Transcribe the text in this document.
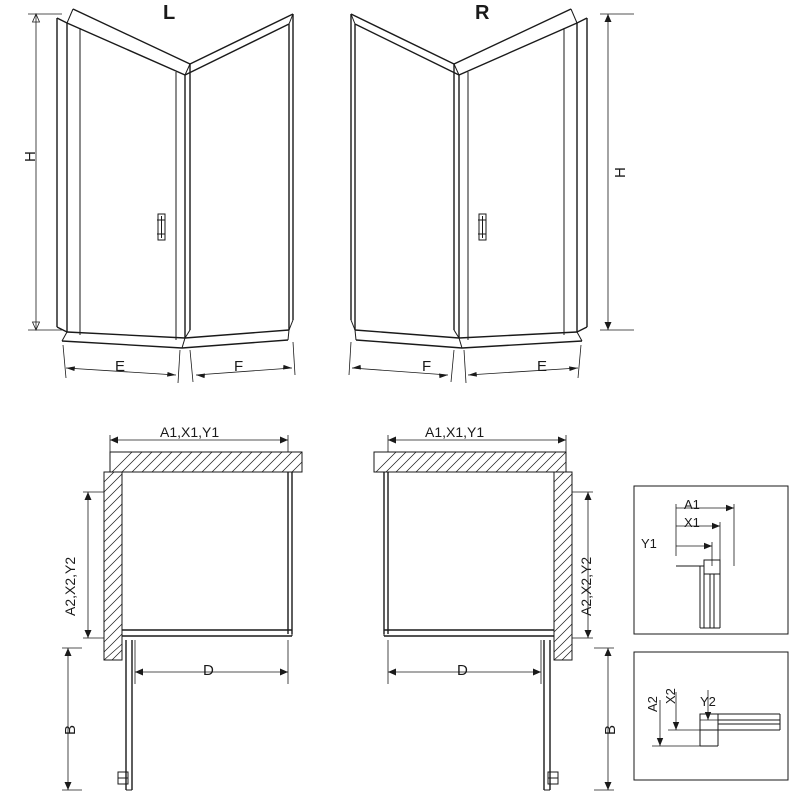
L	R
H
H
E	F	F	E
A1,X1,Y1	A1,X1,Y1
A2,X2,Y2	A2,X2,Y2
D	D
B	B
A1
X1
Y1
A2
X2 Y2
